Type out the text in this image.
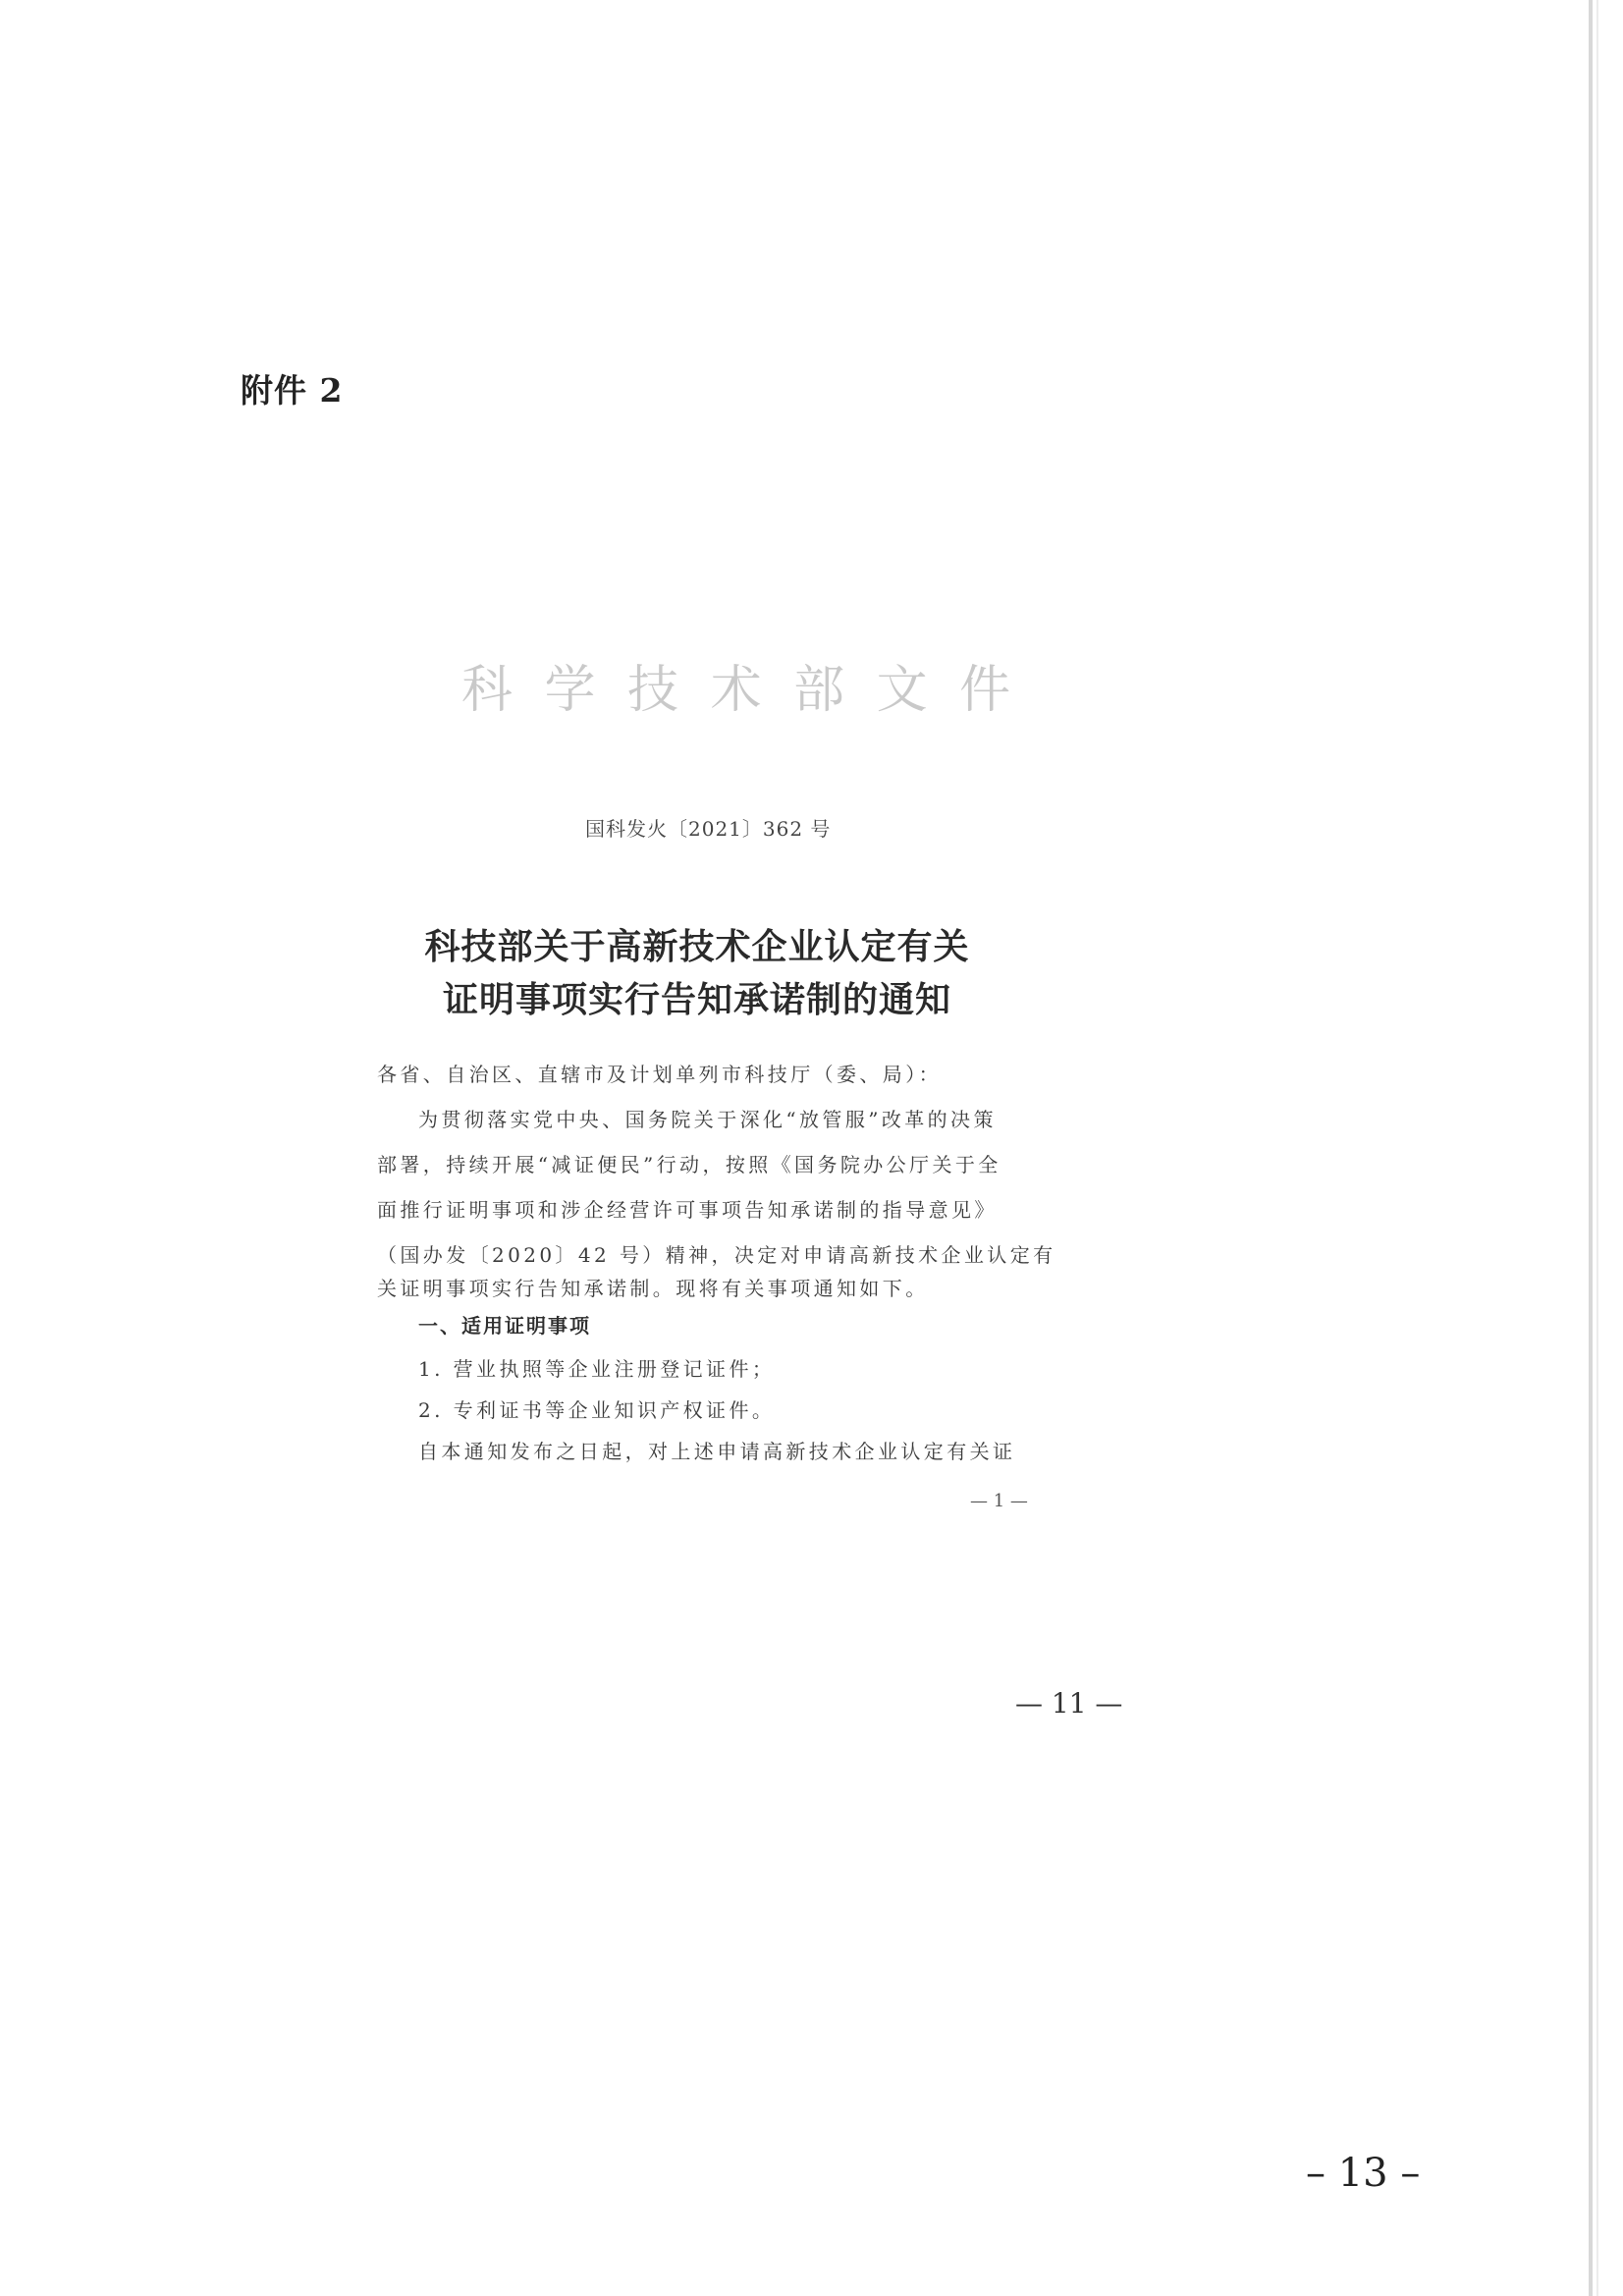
附件 2
科 学 技 术 部 文 件
国科发火〔2021〕362 号
科技部关于高新技术企业认定有关
证明事项实行告知承诺制的通知
各省、自治区、直辖市及计划单列市科技厅（委、局）：
为贯彻落实党中央、国务院关于深化“放管服”改革的决策
部署，持续开展“减证便民”行动，按照《国务院办公厅关于全
面推行证明事项和涉企经营许可事项告知承诺制的指导意见》
（国办发〔2020〕42 号）精神，决定对申请高新技术企业认定有
关证明事项实行告知承诺制。现将有关事项通知如下。
一、适用证明事项
1. 营业执照等企业注册登记证件；
2. 专利证书等企业知识产权证件。
自本通知发布之日起，对上述申请高新技术企业认定有关证
— 1 —
— 11 —
– 13 –
